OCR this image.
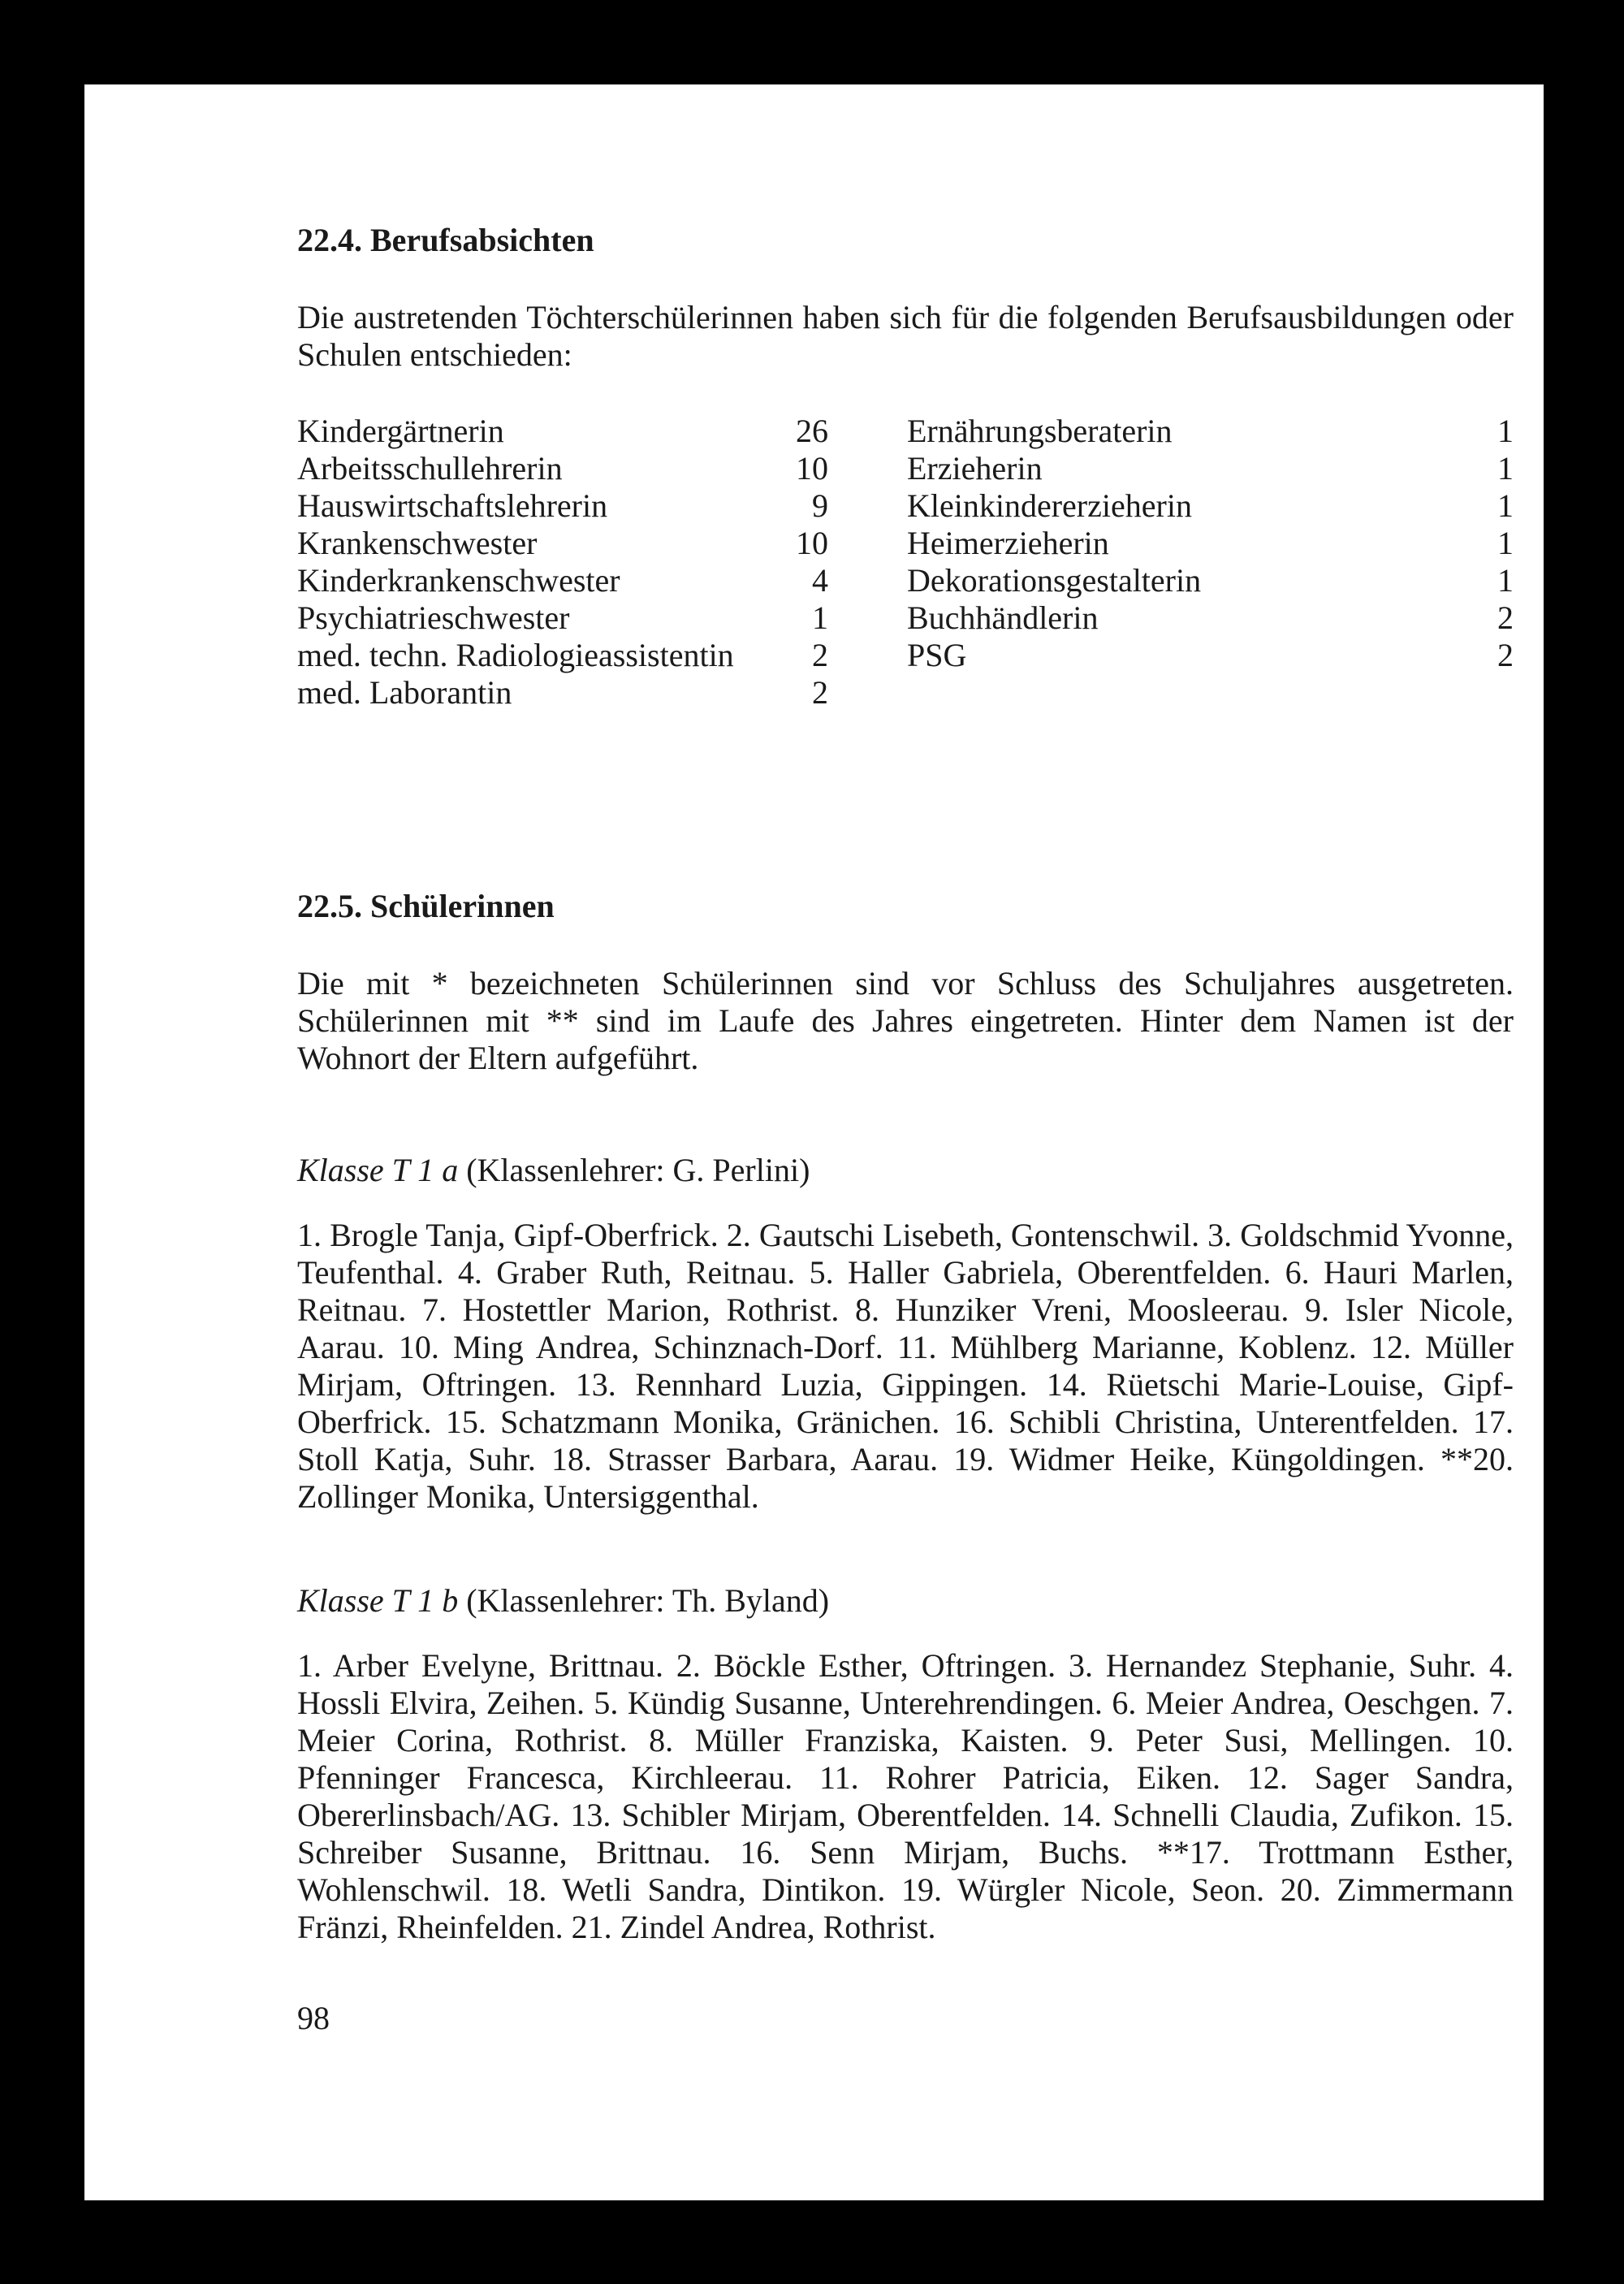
22.4. Berufsabsichten

Die austretenden Töchterschülerinnen haben sich für die folgenden Berufsausbildungen oder Schulen entschieden:

Kindergärtnerin	26
Arbeitsschullehrerin	10
Hauswirtschaftslehrerin	9
Krankenschwester	10
Kinderkrankenschwester	4
Psychiatrieschwester	1
med. techn. Radiologieassistentin 2
med. Laborantin	2
Ernährungsberaterin	1
Erzieherin	1
Kleinkindererzieherin	1
Heimerzieherin	1
Dekorationsgestalterin	1
Buchhändlerin	2
PSG	2
22.5. Schülerinnen

Die mit * bezeichneten Schülerinnen sind vor Schluss des Schuljahres ausgetreten. Schülerinnen mit ** sind im Laufe des Jahres eingetreten. Hinter dem Namen ist der Wohnort der Eltern aufgeführt.

Klasse T 1 a (Klassenlehrer: G. Perlini)

1. Brogle Tanja, Gipf-Oberfrick. 2. Gautschi Lisebeth, Gontenschwil. 3. Goldschmid Yvonne, Teufenthal. 4. Graber Ruth, Reitnau. 5. Haller Gabriela, Oberentfelden. 6. Hauri Marlen, Reitnau. 7. Hostettler Marion, Rothrist. 8. Hunziker Vreni, Moosleerau. 9. Isler Nicole, Aarau. 10. Ming Andrea, Schinznach-Dorf. 11. Mühlberg Marianne, Koblenz. 12. Müller Mirjam, Oftringen. 13. Rennhard Luzia, Gippingen. 14. Rüetschi Marie-Louise, Gipf-Oberfrick. 15. Schatzmann Monika, Gränichen. 16. Schibli Christina, Unterentfelden. 17. Stoll Katja, Suhr. 18. Strasser Barbara, Aarau. 19. Widmer Heike, Küngoldingen. **20. Zollinger Monika, Untersiggenthal.

Klasse T 1 b (Klassenlehrer: Th. Byland)

1. Arber Evelyne, Brittnau. 2. Böckle Esther, Oftringen. 3. Hernandez Stephanie, Suhr. 4. Hossli Elvira, Zeihen. 5. Kündig Susanne, Unterehrendingen. 6. Meier Andrea, Oeschgen. 7. Meier Corina, Rothrist. 8. Müller Franziska, Kaisten. 9. Peter Susi, Mellingen. 10. Pfenninger Francesca, Kirchleerau. 11. Rohrer Patricia, Eiken. 12. Sager Sandra, Obererlinsbach/AG. 13. Schibler Mirjam, Oberentfelden. 14. Schnelli Claudia, Zufikon. 15. Schreiber Susanne, Brittnau. 16. Senn Mirjam, Buchs. **17. Trottmann Esther, Wohlenschwil. 18. Wetli Sandra, Dintikon. 19. Würgler Nicole, Seon. 20. Zimmermann Fränzi, Rheinfelden. 21. Zindel Andrea, Rothrist.

98
